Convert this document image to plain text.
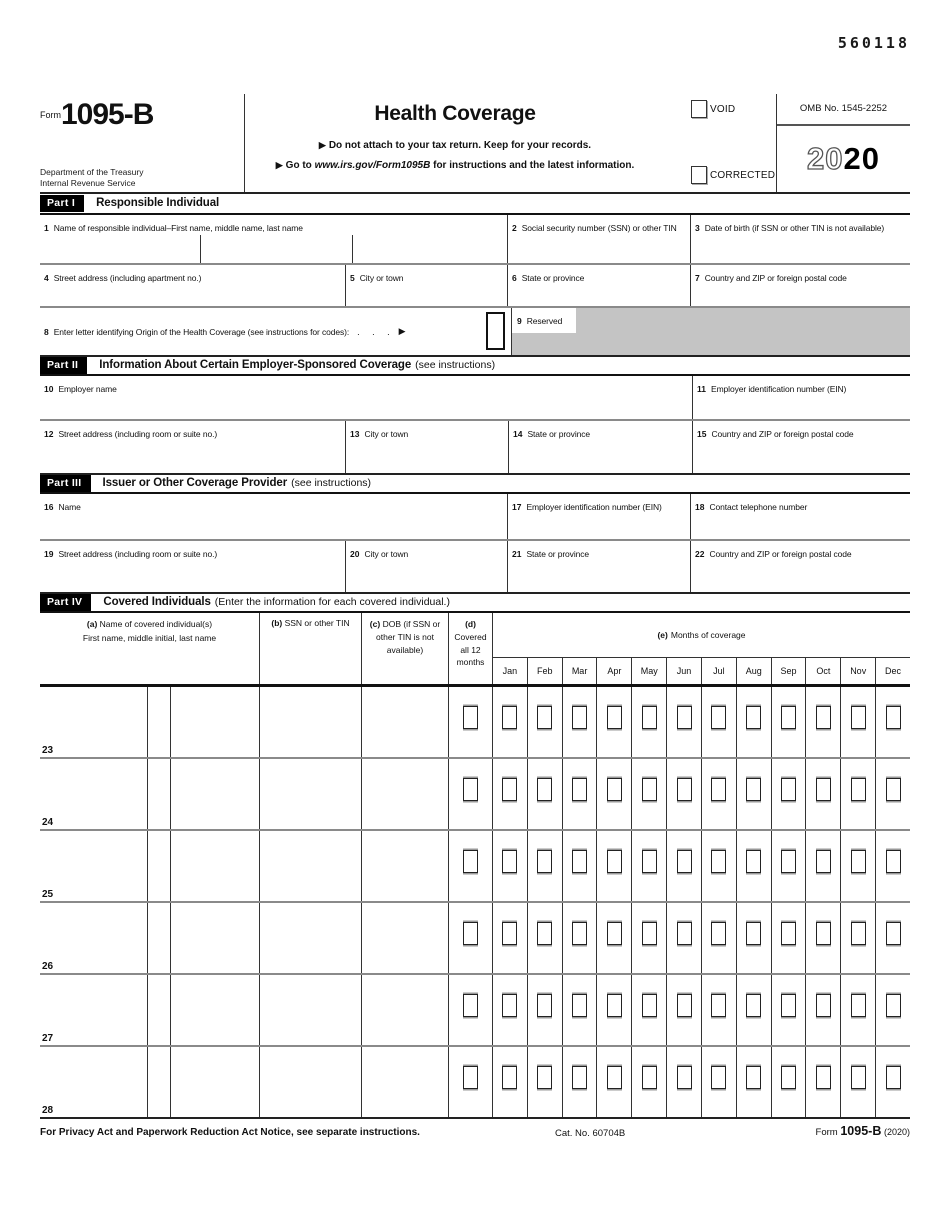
560118
$^{Form}$1095-B
Department of the Treasury
Internal Revenue Service
Health Coverage
▶ Do not attach to your tax return. Keep for your records.
▶ Go to www.irs.gov/Form1095B for instructions and the latest information.
VOID
CORRECTED
OMB No. 1545-2252
20 20
Part I	Responsible Individual
1 Name of responsible individual–First name, middle name, last name	2 Social security number (SSN) or other TIN	3 Date of birth (if SSN or other TIN is not available)
4 Street address (including apartment no.)	5 City or town	6 State or province	7 Country and ZIP or foreign postal code
8 Enter letter identifying Origin of the Health Coverage (see instructions for codes): . . . ▶
9 Reserved
Part II	Information About Certain Employer-Sponsored Coverage (see instructions)
10 Employer name	11 Employer identification number (EIN)
12 Street address (including room or suite no.)	13 City or town	14 State or province	15 Country and ZIP or foreign postal code
Part III	Issuer or Other Coverage Provider (see instructions)
16 Name	17 Employer identification number (EIN)	18 Contact telephone number
19 Street address (including room or suite no.)	20 City or town	21 State or province	22 Country and ZIP or foreign postal code
Part IV	Covered Individuals (Enter the information for each covered individual.)
(a) Name of covered individual(s)
First name, middle initial, last name
(b) SSN or other TIN	(c) DOB (if SSN or other TIN is not available)
(d) Covered all 12 months
(e) Months of coverage
Jan	Feb	Mar	Apr	May	Jun	Jul	Aug	Sep	Oct	Nov	Dec
23
24
25
26
27
28
For Privacy Act and Paperwork Reduction Act Notice, see separate instructions.	Cat. No. 60704B	Form 1095-B (2020)
